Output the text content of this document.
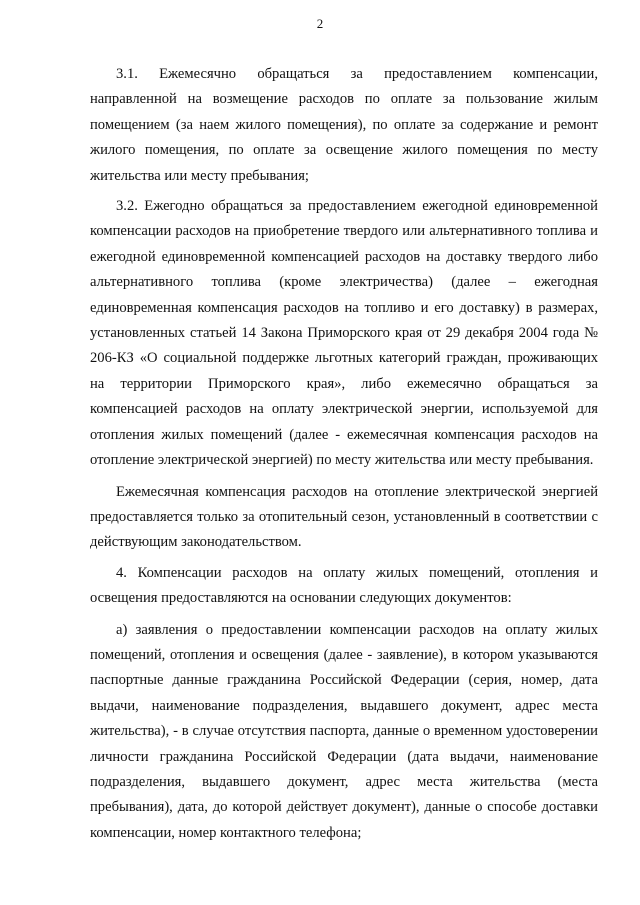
2

3.1. Ежемесячно обращаться за предоставлением компенсации, направленной на возмещение расходов по оплате за пользование жилым помещением (за наем жилого помещения), по оплате за содержание и ремонт жилого помещения, по оплате за освещение жилого помещения по месту жительства или месту пребывания;

3.2. Ежегодно обращаться за предоставлением ежегодной единовременной компенсации расходов на приобретение твердого или альтернативного топлива и ежегодной единовременной компенсацией расходов на доставку твердого либо альтернативного топлива (кроме электричества) (далее – ежегодная единовременная компенсация расходов на топливо и его доставку) в размерах, установленных статьей 14 Закона Приморского края от 29 декабря 2004 года № 206-КЗ «О социальной поддержке льготных категорий граждан, проживающих на территории Приморского края», либо ежемесячно обращаться за компенсацией расходов на оплату электрической энергии, используемой для отопления жилых помещений (далее - ежемесячная компенсация расходов на отопление электрической энергией) по месту жительства или месту пребывания.

Ежемесячная компенсация расходов на отопление электрической энергией предоставляется только за отопительный сезон, установленный в соответствии с действующим законодательством.

4. Компенсации расходов на оплату жилых помещений, отопления и освещения предоставляются на основании следующих документов:

а) заявления о предоставлении компенсации расходов на оплату жилых помещений, отопления и освещения (далее - заявление), в котором указываются паспортные данные гражданина Российской Федерации (серия, номер, дата выдачи, наименование подразделения, выдавшего документ, адрес места жительства), - в случае отсутствия паспорта, данные о временном удостоверении личности гражданина Российской Федерации (дата выдачи, наименование подразделения, выдавшего документ, адрес места жительства (места пребывания), дата, до которой действует документ), данные о способе доставки компенсации, номер контактного телефона;
